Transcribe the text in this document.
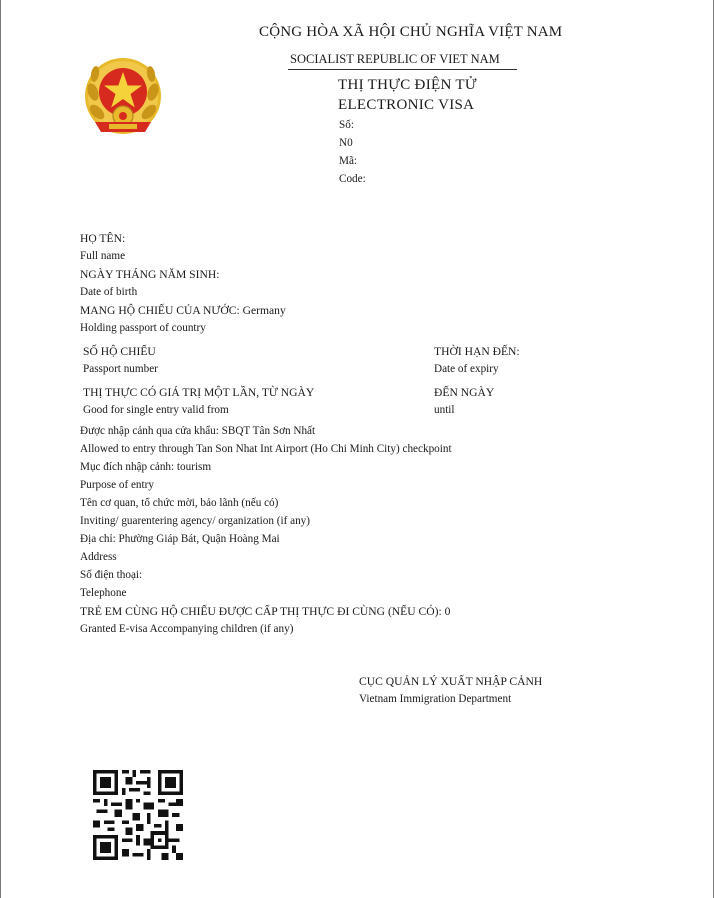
CỘNG HÒA XÃ HỘI CHỦ NGHĨA VIỆT NAM
SOCIALIST REPUBLIC OF VIET NAM
THỊ THỰC ĐIỆN TỬ
ELECTRONIC VISA
Số:
N0
Mã:
Code:
HỌ TÊN:
Full name
NGÀY THÁNG NĂM SINH:
Date of birth
MANG HỘ CHIẾU CỦA NƯỚC: Germany
Holding passport of country
SỐ HỘ CHIẾU
Passport number
THỜI HẠN ĐẾN:
Date of expiry
THỊ THỰC CÓ GIÁ TRỊ MỘT LẦN, TỪ NGÀY
Good for single entry valid from
ĐẾN NGÀY
until
Được nhập cảnh qua cửa khẩu: SBQT Tân Sơn Nhất
Allowed to entry through Tan Son Nhat Int Airport (Ho Chi Minh City) checkpoint
Mục đích nhập cảnh: tourism
Purpose of entry
Tên cơ quan, tổ chức mời, bảo lãnh (nếu có)
Inviting/ guarentering agency/ organization (if any)
Địa chỉ: Phường Giáp Bát, Quận Hoàng Mai
Address
Số điện thoại:
Telephone
TRẺ EM CÙNG HỘ CHIẾU ĐƯỢC CẤP THỊ THỰC ĐI CÙNG (NẾU CÓ): 0
Granted E-visa Accompanying children (if any)
CỤC QUẢN LÝ XUẤT NHẬP CẢNH
Vietnam Immigration Department
